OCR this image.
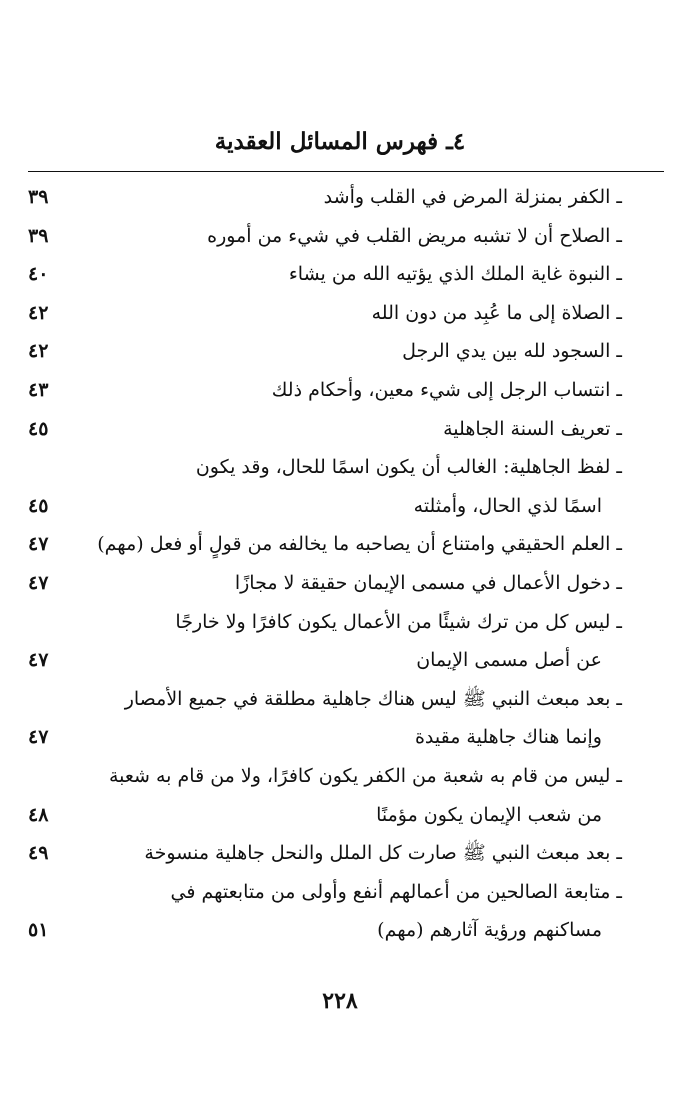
٤ـ فهرس المسائل العقدية
ـ الكفر بمنزلة المرض في القلب وأشد
٣٩
ـ الصلاح أن لا تشبه مريض القلب في شيء من أموره
٣٩
ـ النبوة غاية الملك الذي يؤتيه الله من يشاء
٤٠
ـ الصلاة إلى ما عُبِد من دون الله
٤٢
ـ السجود لله بين يدي الرجل
٤٢
ـ انتساب الرجل إلى شيء معين، وأحكام ذلك
٤٣
ـ تعريف السنة الجاهلية
٤٥
ـ لفظ الجاهلية: الغالب أن يكون اسمًا للحال، وقد يكون
اسمًا لذي الحال، وأمثلته
٤٥
ـ العلم الحقيقي وامتناع أن يصاحبه ما يخالفه من قولٍ أو فعل (مهم)
٤٧
ـ دخول الأعمال في مسمى الإيمان حقيقة لا مجازًا
٤٧
ـ ليس كل من ترك شيئًا من الأعمال يكون كافرًا ولا خارجًا
عن أصل مسمى الإيمان
٤٧
ـ بعد مبعث النبي ﷺ ليس هناك جاهلية مطلقة في جميع الأمصار
وإنما هناك جاهلية مقيدة
٤٧
ـ ليس من قام به شعبة من الكفر يكون كافرًا، ولا من قام به شعبة
من شعب الإيمان يكون مؤمنًا
٤٨
ـ بعد مبعث النبي ﷺ صارت كل الملل والنحل جاهلية منسوخة
٤٩
ـ متابعة الصالحين من أعمالهم أنفع وأولى من متابعتهم في
مساكنهم ورؤية آثارهم (مهم)
٥١
٢٢٨
